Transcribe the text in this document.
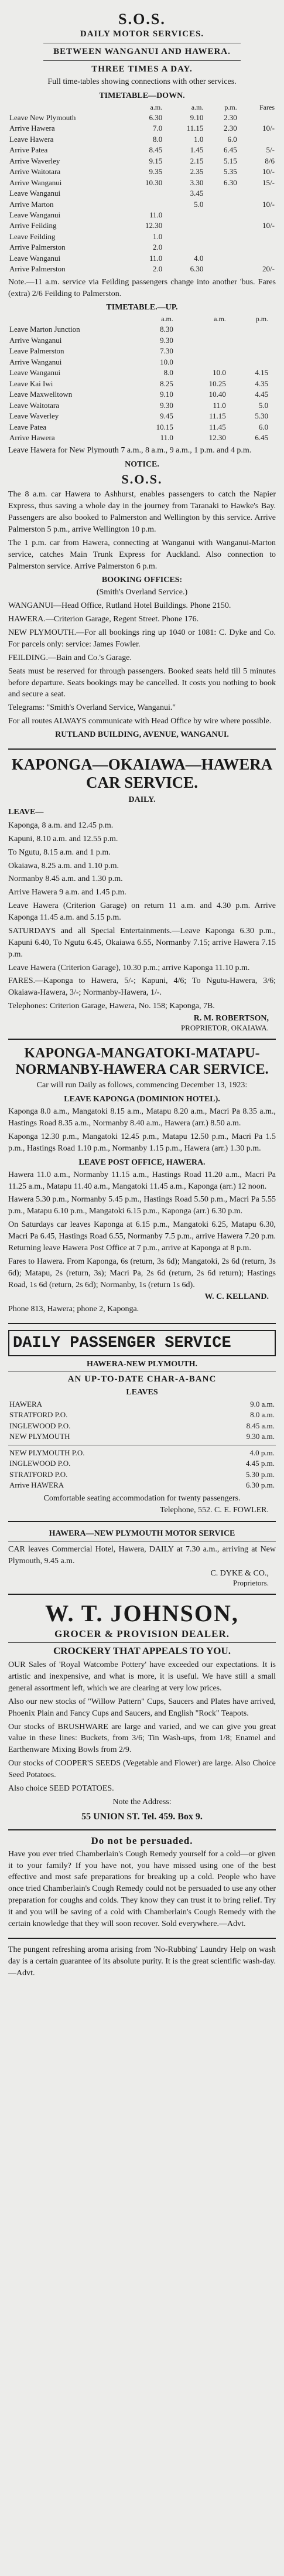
S.O.S.
DAILY MOTOR SERVICES.
BETWEEN WANGANUI AND HAWERA.
THREE TIMES A DAY.
Full time-tables showing connections with other services.
TIMETABLE—DOWN.
	a.m.	a.m.	p.m.	Fares
Leave New Plymouth	6.30	9.10	2.30	
Arrive Hawera	7.0	11.15	2.30	10/-
Leave Hawera	8.0	1.0	6.0	
Arrive Patea	8.45	1.45	6.45	5/-
Arrive Waverley	9.15	2.15	5.15	8/6
Arrive Waitotara	9.35	2.35	5.35	10/-
Arrive Wanganui	10.30	3.30	6.30	15/-
Leave Wanganui		3.45		
Arrive Marton		5.0		10/-
Leave Wanganui	11.0			
Arrive Feilding	12.30			10/-
Leave Feilding	1.0			
Arrive Palmerston	2.0			
Leave Wanganui	11.0	4.0		
Arrive Palmerston	2.0	6.30		20/-
Note.—11 a.m. service via Feilding passengers change into another 'bus. Fares (extra) 2/6 Feilding to Palmerston.
TIMETABLE.—UP.
	a.m.	a.m.	p.m.	
Leave Marton Junction	8.30			
Arrive Wanganui	9.30			
Leave Palmerston	7.30			
Arrive Wanganui	10.0			
Leave Wanganui	8.0	10.0	4.15	
Leave Kai Iwi	8.25	10.25	4.35	
Leave Maxwelltown	9.10	10.40	4.45	
Leave Waitotara	9.30	11.0	5.0	
Leave Waverley	9.45	11.15	5.30	
Leave Patea	10.15	11.45	6.0	
Arrive Hawera	11.0	12.30	6.45	
Leave Hawera for New Plymouth 7 a.m., 8 a.m., 9 a.m., 1 p.m. and 4 p.m.
NOTICE.
S.O.S.
The 8 a.m. car Hawera to Ashhurst, enables passengers to catch the Napier Express, thus saving a whole day in the journey from Taranaki to Hawke's Bay. Passengers are also booked to Palmerston and Wellington by this service. Arrive Palmerston 5 p.m., arrive Wellington 10 p.m.
The 1 p.m. car from Hawera, connecting at Wanganui with Wanganui-Marton service, catches Main Trunk Express for Auckland. Also connection to Palmerston service. Arrive Palmerston 6 p.m.
BOOKING OFFICES:
(Smith's Overland Service.)
WANGANUI—Head Office, Rutland Hotel Buildings. Phone 2150.
HAWERA.—Criterion Garage, Regent Street. Phone 176.
NEW PLYMOUTH.—For all bookings ring up 1040 or 1081: C. Dyke and Co. For parcels only: service: James Fowler.
FEILDING.—Bain and Co.'s Garage.
Seats must be reserved for through passengers. Booked seats held till 5 minutes before departure. Seats bookings may be cancelled. It costs you nothing to book and secure a seat.
Telegrams: "Smith's Overland Service, Wanganui."
For all routes ALWAYS communicate with Head Office by wire where possible.
RUTLAND BUILDING, AVENUE, WANGANUI.
KAPONGA—OKAIAWA—HAWERA CAR SERVICE.
DAILY.
LEAVE—
Kaponga, 8 a.m. and 12.45 p.m.
Kapuni, 8.10 a.m. and 12.55 p.m.
To Ngutu, 8.15 a.m. and 1 p.m.
Okaiawa, 8.25 a.m. and 1.10 p.m.
Normanby 8.45 a.m. and 1.30 p.m.
Arrive Hawera 9 a.m. and 1.45 p.m.
Leave Hawera (Criterion Garage) on return 11 a.m. and 4.30 p.m. Arrive Kaponga 11.45 a.m. and 5.15 p.m.
SATURDAYS and all Special Entertainments.—Leave Kaponga 6.30 p.m., Kapuni 6.40, To Ngutu 6.45, Okaiawa 6.55, Normanby 7.15; arrive Hawera 7.15 p.m.
Leave Hawera (Criterion Garage), 10.30 p.m.; arrive Kaponga 11.10 p.m.
FARES.—Kaponga to Hawera, 5/-; Kapuni, 4/6; To Ngutu-Hawera, 3/6; Okaiawa-Hawera, 3/-; Normanby-Hawera, 1/-.
Telephones: Criterion Garage, Hawera, No. 158; Kaponga, 7B.
R. M. ROBERTSON,
PROPRIETOR, OKAIAWA.
KAPONGA-MANGATOKI-MATAPU-NORMANBY-HAWERA CAR SERVICE.
Car will run Daily as follows, commencing December 13, 1923:
LEAVE KAPONGA (DOMINION HOTEL).
Kaponga 8.0 a.m., Mangatoki 8.15 a.m., Matapu 8.20 a.m., Macri Pa 8.35 a.m., Hastings Road 8.35 a.m., Normanby 8.40 a.m., Hawera (arr.) 8.50 a.m.
Kaponga 12.30 p.m., Mangatoki 12.45 p.m., Matapu 12.50 p.m., Macri Pa 1.5 p.m., Hastings Road 1.10 p.m., Normanby 1.15 p.m., Hawera (arr.) 1.30 p.m.
LEAVE POST OFFICE, HAWERA.
Hawera 11.0 a.m., Normanby 11.15 a.m., Hastings Road 11.20 a.m., Macri Pa 11.25 a.m., Matapu 11.40 a.m., Mangatoki 11.45 a.m., Kaponga (arr.) 12 noon.
Hawera 5.30 p.m., Normanby 5.45 p.m., Hastings Road 5.50 p.m., Macri Pa 5.55 p.m., Matapu 6.10 p.m., Mangatoki 6.15 p.m., Kaponga (arr.) 6.30 p.m.
On Saturdays car leaves Kaponga at 6.15 p.m., Mangatoki 6.25, Matapu 6.30, Macri Pa 6.45, Hastings Road 6.55, Normanby 7.5 p.m., arrive Hawera 7.20 p.m. Returning leave Hawera Post Office at 7 p.m., arrive at Kaponga at 8 p.m.
Fares to Hawera. From Kaponga, 6s (return, 3s 6d); Mangatoki, 2s 6d (return, 3s 6d); Matapu, 2s (return, 3s); Macri Pa, 2s 6d (return, 2s 6d return); Hastings Road, 1s 6d (return, 2s 6d); Normanby, 1s (return 1s 6d).
W. C. KELLAND.
Phone 813, Hawera; phone 2, Kaponga.
DAILY PASSENGER SERVICE
HAWERA-NEW PLYMOUTH.
AN UP-TO-DATE CHAR-A-BANC
LEAVES
HAWERA	9.0 a.m.
STRATFORD P.O.	8.0 a.m.
INGLEWOOD P.O.	8.45 a.m.
NEW PLYMOUTH	9.30 a.m.
NEW PLYMOUTH P.O.	4.0 p.m.
INGLEWOOD P.O.	4.45 p.m.
STRATFORD P.O.	5.30 p.m.
Arrive HAWERA	6.30 p.m.
Comfortable seating accommodation for twenty passengers.
Telephone, 552. C. E. FOWLER.
HAWERA—NEW PLYMOUTH MOTOR SERVICE
CAR leaves Commercial Hotel, Hawera, DAILY at 7.30 a.m., arriving at New Plymouth, 9.45 a.m.
C. DYKE & CO.,
Proprietors.
W. T. JOHNSON,
GROCER & PROVISION DEALER.
CROCKERY THAT APPEALS TO YOU.
OUR Sales of 'Royal Watcombe Pottery' have exceeded our expectations. It is artistic and inexpensive, and what is more, it is useful. We have still a small general assortment left, which we are clearing at very low prices.
Also our new stocks of "Willow Pattern" Cups, Saucers and Plates have arrived, Phoenix Plain and Fancy Cups and Saucers, and English "Rock" Teapots.
Our stocks of BRUSHWARE are large and varied, and we can give you great value in these lines: Buckets, from 3/6; Tin Wash-ups, from 1/8; Enamel and Earthenware Mixing Bowls from 2/9.
Our stocks of COOPER'S SEEDS (Vegetable and Flower) are large. Also Choice Seed Potatoes.
Also choice SEED POTATOES.
Note the Address:
55 UNION ST. Tel. 459. Box 9.
Do not be persuaded.
Have you ever tried Chamberlain's Cough Remedy yourself for a cold—or given it to your family? If you have not, you have missed using one of the best effective and most safe preparations for breaking up a cold. People who have once tried Chamberlain's Cough Remedy could not be persuaded to use any other preparation for coughs and colds. They know they can trust it to bring relief. Try it and you will be saving of a cold with Chamberlain's Cough Remedy with the certain knowledge that they will soon recover. Sold everywhere.—Advt.
The pungent refreshing aroma arising from 'No-Rubbing' Laundry Help on wash day is a certain guarantee of its absolute purity. It is the great scientific wash-day.—Advt.
